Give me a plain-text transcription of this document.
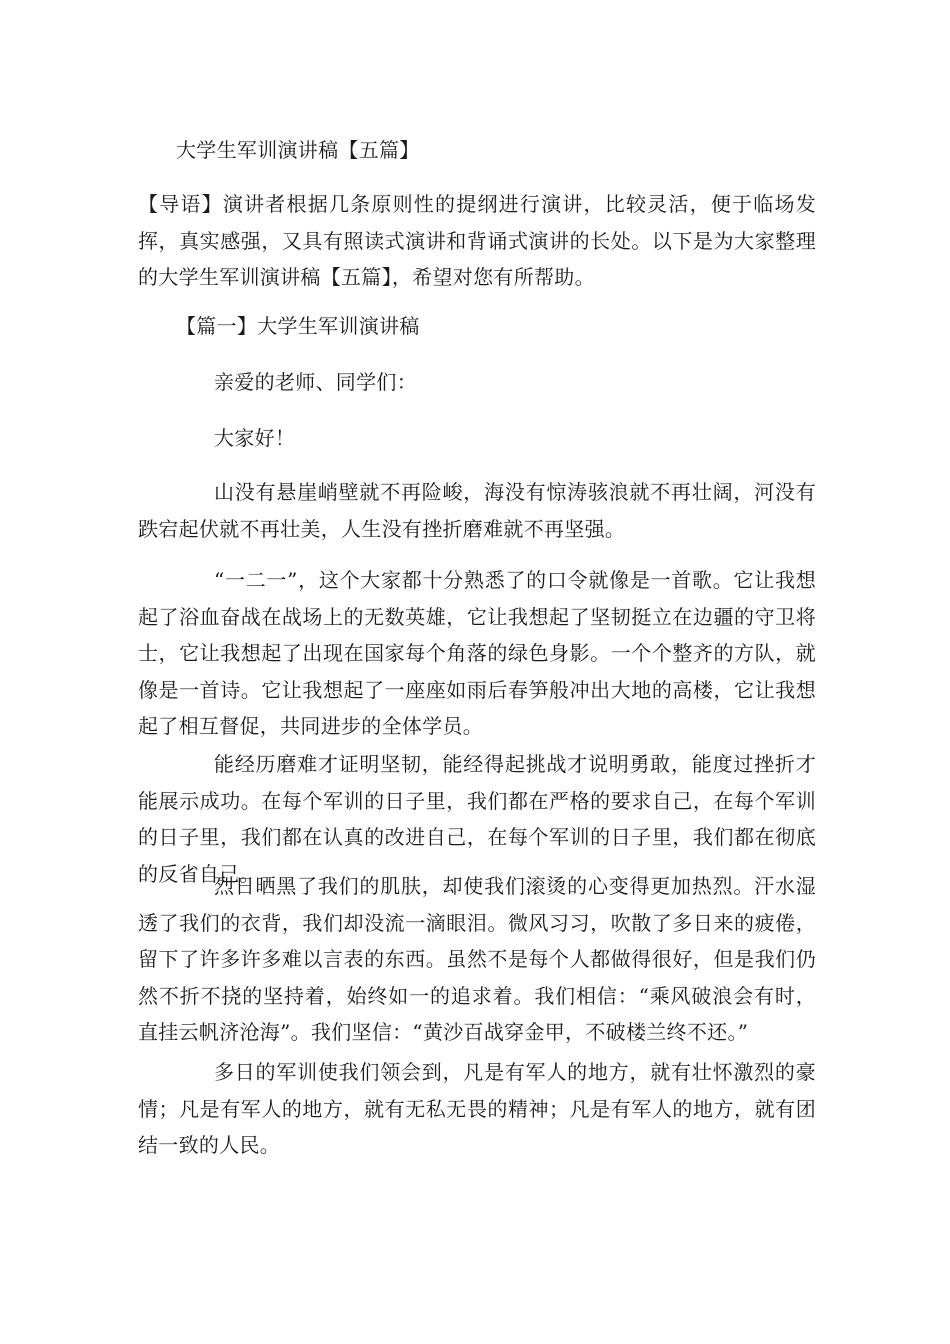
大学生军训演讲稿【五篇】

【导语】演讲者根据几条原则性的提纲进行演讲，比较灵活，便于临场发挥，真实感强，又具有照读式演讲和背诵式演讲的长处。以下是为大家整理的大学生军训演讲稿【五篇】，希望对您有所帮助。

【篇一】大学生军训演讲稿

亲爱的老师、同学们：

大家好！

山没有悬崖峭壁就不再险峻，海没有惊涛骇浪就不再壮阔，河没有跌宕起伏就不再壮美，人生没有挫折磨难就不再坚强。

“一二一”，这个大家都十分熟悉了的口令就像是一首歌。它让我想起了浴血奋战在战场上的无数英雄，它让我想起了坚韧挺立在边疆的守卫将士，它让我想起了出现在国家每个角落的绿色身影。一个个整齐的方队，就像是一首诗。它让我想起了一座座如雨后春笋般冲出大地的高楼，它让我想起了相互督促，共同进步的全体学员。

能经历磨难才证明坚韧，能经得起挑战才说明勇敢，能度过挫折才能展示成功。在每个军训的日子里，我们都在严格的要求自己，在每个军训的日子里，我们都在认真的改进自己，在每个军训的日子里，我们都在彻底的反省自己。

烈日晒黑了我们的肌肤，却使我们滚烫的心变得更加热烈。汗水湿透了我们的衣背，我们却没流一滴眼泪。微风习习，吹散了多日来的疲倦，留下了许多许多难以言表的东西。虽然不是每个人都做得很好，但是我们仍然不折不挠的坚持着，始终如一的追求着。我们相信：“乘风破浪会有时，直挂云帆济沧海”。我们坚信：“黄沙百战穿金甲，不破楼兰终不还。”

多日的军训使我们领会到，凡是有军人的地方，就有壮怀激烈的豪情；凡是有军人的地方，就有无私无畏的精神；凡是有军人的地方，就有团结一致的人民。
